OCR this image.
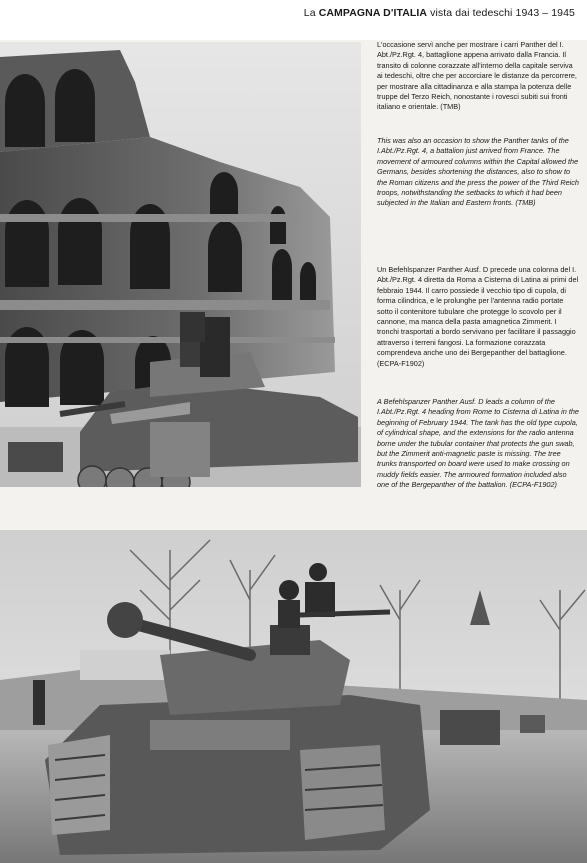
La CAMPAGNA D'ITALIA vista dai tedeschi 1943 – 1945

L'occasione servì anche per mostrare i carri Panther del I. Abt./Pz.Rgt. 4, battaglione appena arrivato dalla Francia. Il transito di colonne corazzate all'interno della capitale serviva ai tedeschi, oltre che per accorciare le distanze da percorrere, per mostrare alla cittadinanza e alla stampa la potenza delle truppe del Terzo Reich, nonostante i rovesci subiti sui fronti italiano e orientale. (TMB)

This was also an occasion to show the Panther tanks of the I.Abt./Pz.Rgt. 4, a battalion just arrived from France. The movement of armoured columns within the Capital allowed the Germans, besides shortening the distances, also to show to the Roman citizens and the press the power of the Third Reich troops, notwithstanding the setbacks to which it had been subjected in the Italian and Eastern fronts. (TMB)

Un Befehlspanzer Panther Ausf. D precede una colonna del I. Abt./Pz.Rgt. 4 diretta da Roma a Cisterna di Latina ai primi del febbraio 1944. Il carro possiede il vecchio tipo di cupola, di forma cilindrica, e le prolunghe per l'antenna radio portate sotto il contenitore tubulare che protegge lo scovolo per il cannone, ma manca della pasta amagnetica Zimmerit. I tronchi trasportati a bordo servivano per facilitare il passaggio attraverso i terreni fangosi. La formazione corazzata comprendeva anche uno dei Bergepanther del battaglione. (ECPA-F1902)

A Befehlspanzer Panther Ausf. D leads a column of the I.Abt./Pz.Rgt. 4 heading from Rome to Cisterna di Latina in the beginning of February 1944. The tank has the old type cupola, of cylindrical shape, and the extensions for the radio antenna borne under the tubular container that protects the gun swab, but the Zimmerit anti-magnetic paste is missing. The tree trunks transported on board were used to make crossing on muddy fields easier. The armoured formation included also one of the Bergepanther of the battalion. (ECPA-F1902)
